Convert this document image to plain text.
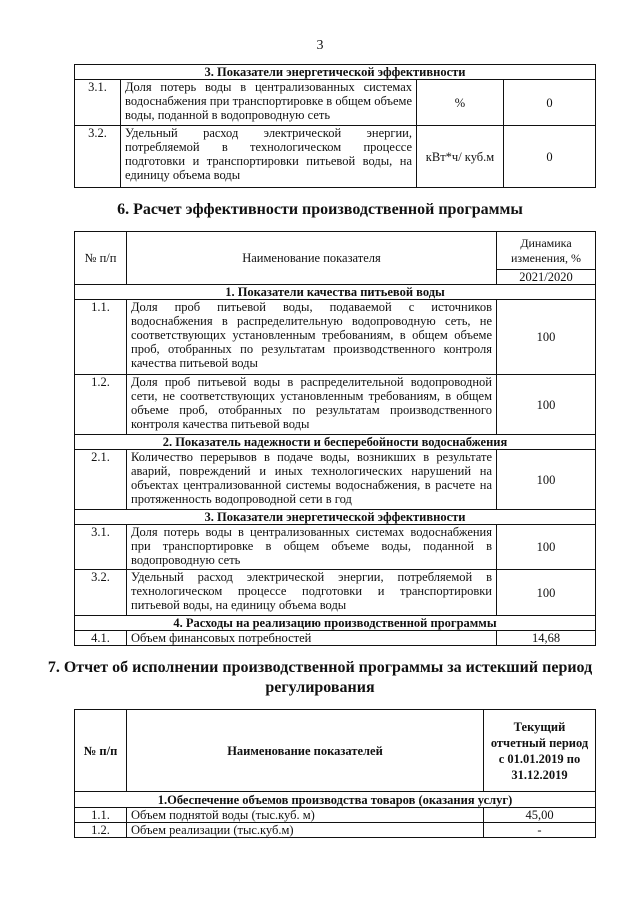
3
3. Показатели энергетической эффективности			
3.1.	Доля потерь воды в централизованных системах водоснабжения при транспортировке в общем объеме воды, поданной в водопроводную сеть	%	0
3.2.	Удельный расход электрической энергии, потребляемой в технологическом процессе подготовки и транспортировки питьевой воды, на единицу объема воды	кВт*ч/ куб.м	0
6. Расчет эффективности производственной программы
№ п/п	Наименование показателя	Динамика изменения, %
		2021/2020
1. Показатели качества питьевой воды		
1.1.	Доля проб питьевой воды, подаваемой с источников водоснабжения в распределительную водопроводную сеть, не соответствующих установленным требованиям, в общем объеме проб, отобранных по результатам производственного контроля качества питьевой воды	100
1.2.	Доля проб питьевой воды в распределительной водопроводной сети, не соответствующих установленным требованиям, в общем объеме проб, отобранных по результатам производственного контроля качества питьевой воды	100
2. Показатель надежности и бесперебойности водоснабжения		
2.1.	Количество перерывов в подаче воды, возникших в результате аварий, повреждений и иных технологических нарушений на объектах централизованной системы водоснабжения, в расчете на протяженность водопроводной сети в год	100
3. Показатели энергетической эффективности		
3.1.	Доля потерь воды в централизованных системах водоснабжения при транспортировке в общем объеме воды, поданной в водопроводную сеть	100
3.2.	Удельный расход электрической энергии, потребляемой в технологическом процессе подготовки и транспортировки питьевой воды, на единицу объема воды	100
4. Расходы на реализацию производственной программы		
4.1.	Объем финансовых потребностей	14,68
7. Отчет об исполнении производственной программы за истекший период
регулирования
№ п/п	Наименование показателей	Текущий отчетный период с 01.01.2019 по 31.12.2019
1.Обеспечение объемов производства товаров (оказания услуг)		
1.1.	Объем поднятой воды (тыс.куб. м)	45,00
1.2.	Объем реализации (тыс.куб.м)	-
